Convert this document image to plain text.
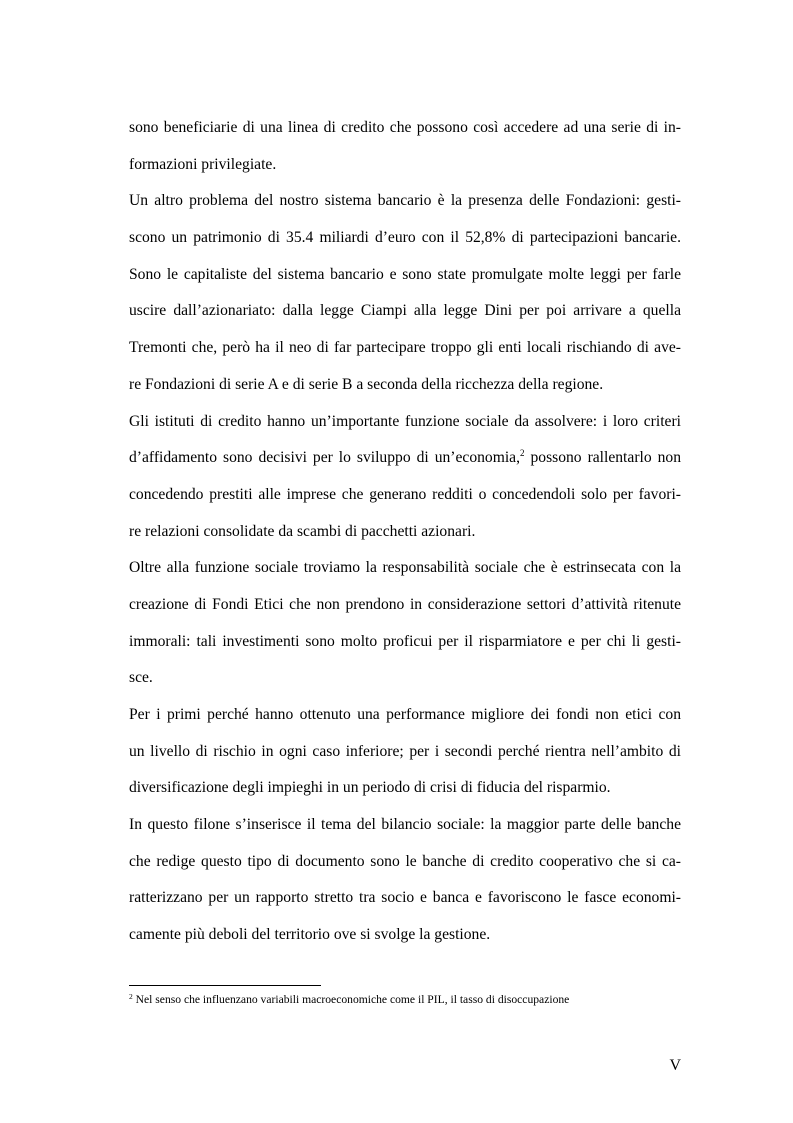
sono beneficiarie di una linea di credito che possono così accedere ad una serie di in-
formazioni privilegiate.
Un altro problema del nostro sistema bancario è la presenza delle Fondazioni: gesti-
scono un patrimonio di 35.4 miliardi d’euro con il 52,8% di partecipazioni bancarie.
Sono le capitaliste del sistema bancario e sono state promulgate molte leggi per farle
uscire dall’azionariato: dalla legge Ciampi alla legge Dini per poi arrivare a quella
Tremonti che, però ha il neo di far partecipare troppo gli enti locali rischiando di ave-
re Fondazioni di serie A e di serie B a seconda della ricchezza della regione.
Gli istituti di credito hanno un’importante funzione sociale da assolvere: i loro criteri
d’affidamento sono decisivi per lo sviluppo di un’economia,$^2$ possono rallentarlo non
concedendo prestiti alle imprese che generano redditi o concedendoli solo per favori-
re relazioni consolidate da scambi di pacchetti azionari.
Oltre alla funzione sociale troviamo la responsabilità sociale che è estrinsecata con la
creazione di Fondi Etici che non prendono in considerazione settori d’attività ritenute
immorali: tali investimenti sono molto proficui per il risparmiatore e per chi li gesti-
sce.
Per i primi perché hanno ottenuto una performance migliore dei fondi non etici con
un livello di rischio in ogni caso inferiore; per i secondi perché rientra nell’ambito di
diversificazione degli impieghi in un periodo di crisi di fiducia del risparmio.
In questo filone s’inserisce il tema del bilancio sociale: la maggior parte delle banche
che redige questo tipo di documento sono le banche di credito cooperativo che si ca-
ratterizzano per un rapporto stretto tra socio e banca e favoriscono le fasce economi-
camente più deboli del territorio ove si svolge la gestione.
$^2$ Nel senso che influenzano variabili macroeconomiche come il PIL, il tasso di disoccupazione
V
